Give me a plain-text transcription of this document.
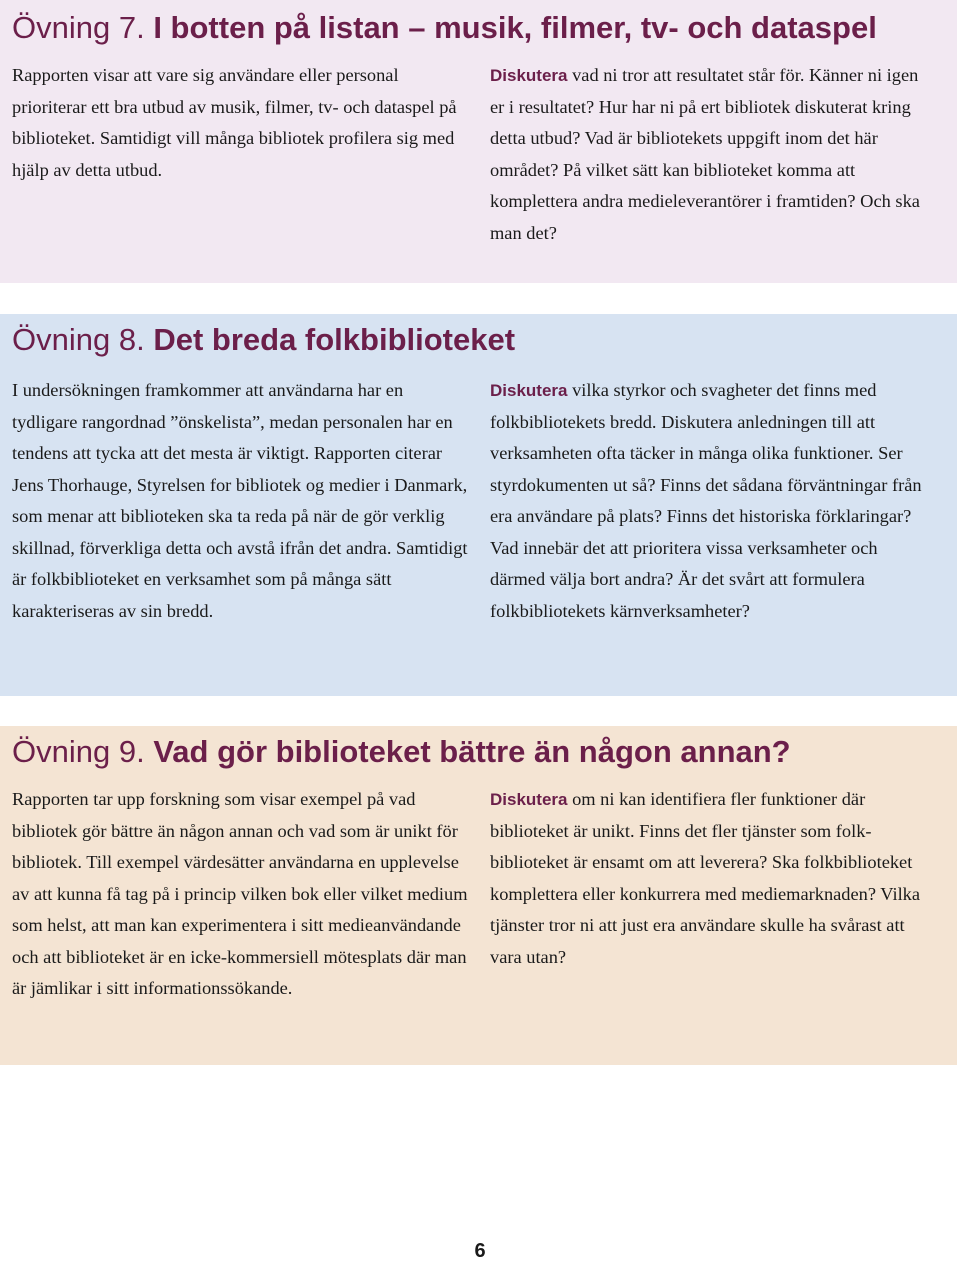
Övning 7. I botten på listan – musik, filmer, tv- och dataspel

Rapporten visar att vare sig användare eller personal prioriterar ett bra utbud av musik, filmer, tv- och dataspel på biblioteket. Samtidigt vill många bibliotek profilera sig med hjälp av detta utbud.

Diskutera vad ni tror att resultatet står för. Känner ni igen er i resultatet? Hur har ni på ert bibliotek diskuterat kring detta utbud? Vad är bibliotekets uppgift inom det här området? På vilket sätt kan biblioteket komma att komplettera andra medieleverantörer i framtiden? Och ska man det?

Övning 8. Det breda folkbiblioteket

I undersökningen framkommer att användarna har en tydligare rangordnad ”önskelista”, medan personalen har en tendens att tycka att det mesta är viktigt. Rapporten citerar Jens Thorhauge, Styrelsen for bibliotek og medier i Danmark, som menar att biblioteken ska ta reda på när de gör verklig skillnad, förverkliga detta och avstå ifrån det andra. Samtidigt är folkbiblioteket en verksamhet som på många sätt karakteriseras av sin bredd.

Diskutera vilka styrkor och svagheter det finns med folkbibliotekets bredd. Diskutera anledningen till att verksamheten ofta täcker in många olika funktioner. Ser styrdokumenten ut så? Finns det sådana förväntningar från era användare på plats? Finns det historiska förklaringar? Vad innebär det att prioritera vissa verksamheter och därmed välja bort andra? Är det svårt att formulera folkbibliotekets kärnverksamheter?

Övning 9. Vad gör biblioteket bättre än någon annan?

Rapporten tar upp forskning som visar exempel på vad bibliotek gör bättre än någon annan och vad som är unikt för bibliotek. Till exempel värdesätter användarna en upplevelse av att kunna få tag på i princip vilken bok eller vilket medium som helst, att man kan experimentera i sitt medieanvändande och att biblioteket är en icke-kommersiell mötesplats där man är jämlikar i sitt informationssökande.

Diskutera om ni kan identifiera fler funktioner där biblioteket är unikt. Finns det fler tjänster som folkbiblioteket är ensamt om att leverera? Ska folkbiblioteket komplettera eller konkurrera med mediemarknaden? Vilka tjänster tror ni att just era användare skulle ha svårast att vara utan?

6
